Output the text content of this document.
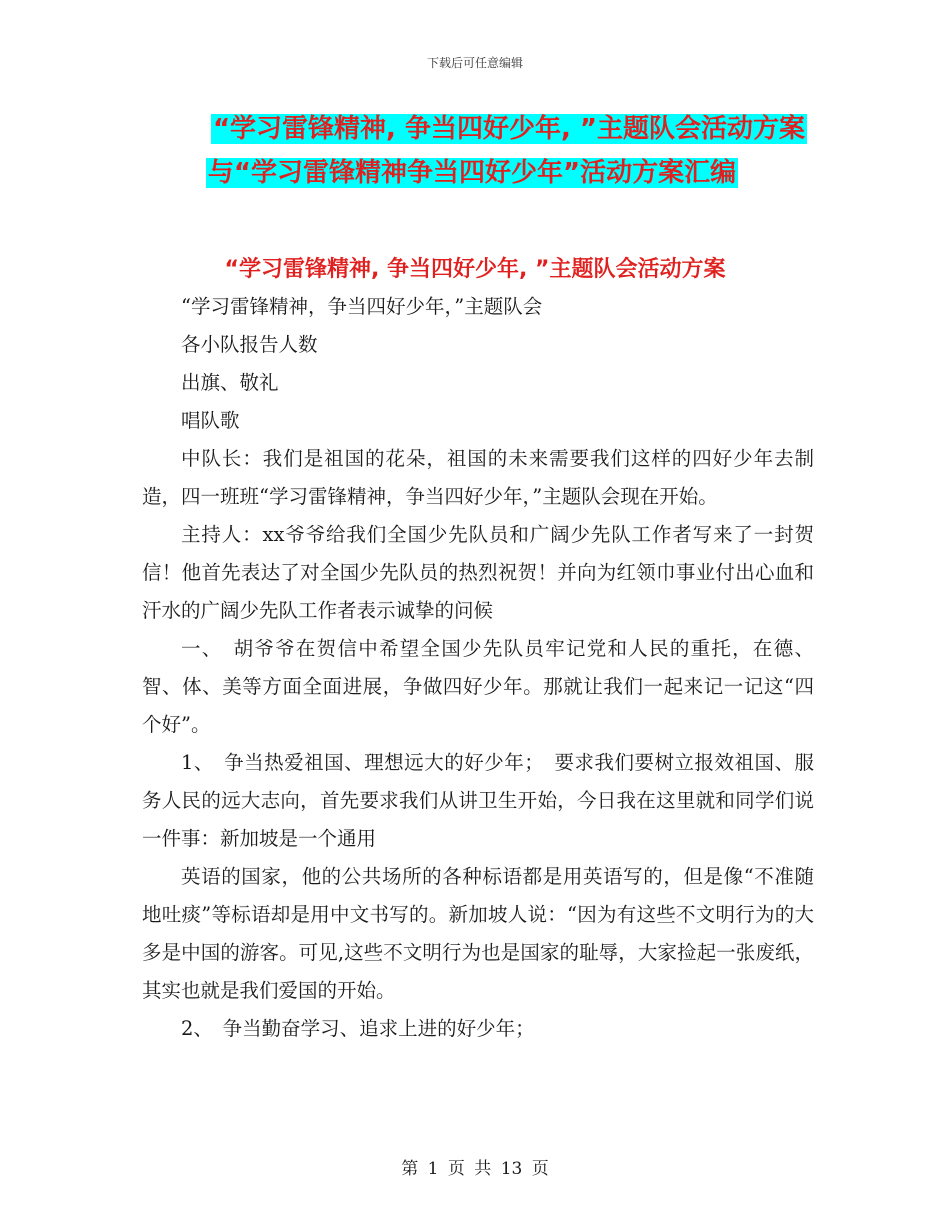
下载后可任意编辑
“学习雷锋精神, 争当四好少年, ”主题队会活动方案
与“学习雷锋精神争当四好少年”活动方案汇编
“学习雷锋精神, 争当四好少年, ”主题队会活动方案

“学习雷锋精神，争当四好少年，”主题队会

各小队报告人数

出旗、敬礼

唱队歌

中队长：我们是祖国的花朵，祖国的未来需要我们这样的四好少年去制造，四一班班“学习雷锋精神，争当四好少年，”主题队会现在开始。

主持人：xx爷爷给我们全国少先队员和广阔少先队工作者写来了一封贺信！他首先表达了对全国少先队员的热烈祝贺！并向为红领巾事业付出心血和汗水的广阔少先队工作者表示诚挚的问候

一、　胡爷爷在贺信中希望全国少先队员牢记党和人民的重托，在德、智、体、美等方面全面进展，争做四好少年。那就让我们一起来记一记这“四个好”。

1、　争当热爱祖国、理想远大的好少年；　要求我们要树立报效祖国、服务人民的远大志向，首先要求我们从讲卫生开始，今日我在这里就和同学们说一件事：新加坡是一个通用

英语的国家，他的公共场所的各种标语都是用英语写的，但是像“不准随地吐痰”等标语却是用中文书写的。新加坡人说：“因为有这些不文明行为的大多是中国的游客。可见,这些不文明行为也是国家的耻辱，大家捡起一张废纸，其实也就是我们爱国的开始。

2、　争当勤奋学习、追求上进的好少年；

第 1 页 共 13 页
